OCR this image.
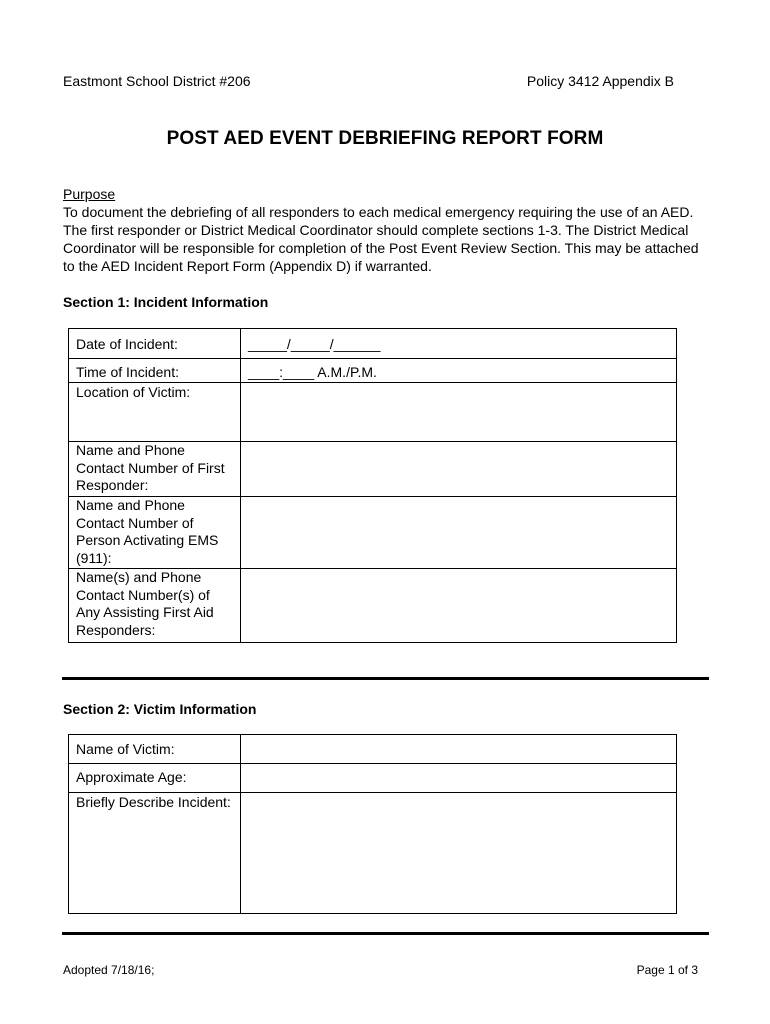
Eastmont School District #206	Policy 3412 Appendix B
POST AED EVENT DEBRIEFING REPORT FORM
Purpose
To document the debriefing of all responders to each medical emergency requiring the use of an AED. The first responder or District Medical Coordinator should complete sections 1-3. The District Medical Coordinator will be responsible for completion of the Post Event Review Section. This may be attached to the AED Incident Report Form (Appendix D) if warranted.
Section 1: Incident Information
Date of Incident:	_____/_____/______
Time of Incident:	____:____ A.M./P.M.
Location of Victim:	
Name and Phone Contact Number of First Responder:	
Name and Phone Contact Number of Person Activating EMS (911):	
Name(s) and Phone Contact Number(s) of Any Assisting First Aid Responders:	
Section 2: Victim Information
Name of Victim:	
Approximate Age:	
Briefly Describe Incident:	
Adopted 7/18/16;	Page 1 of 3
